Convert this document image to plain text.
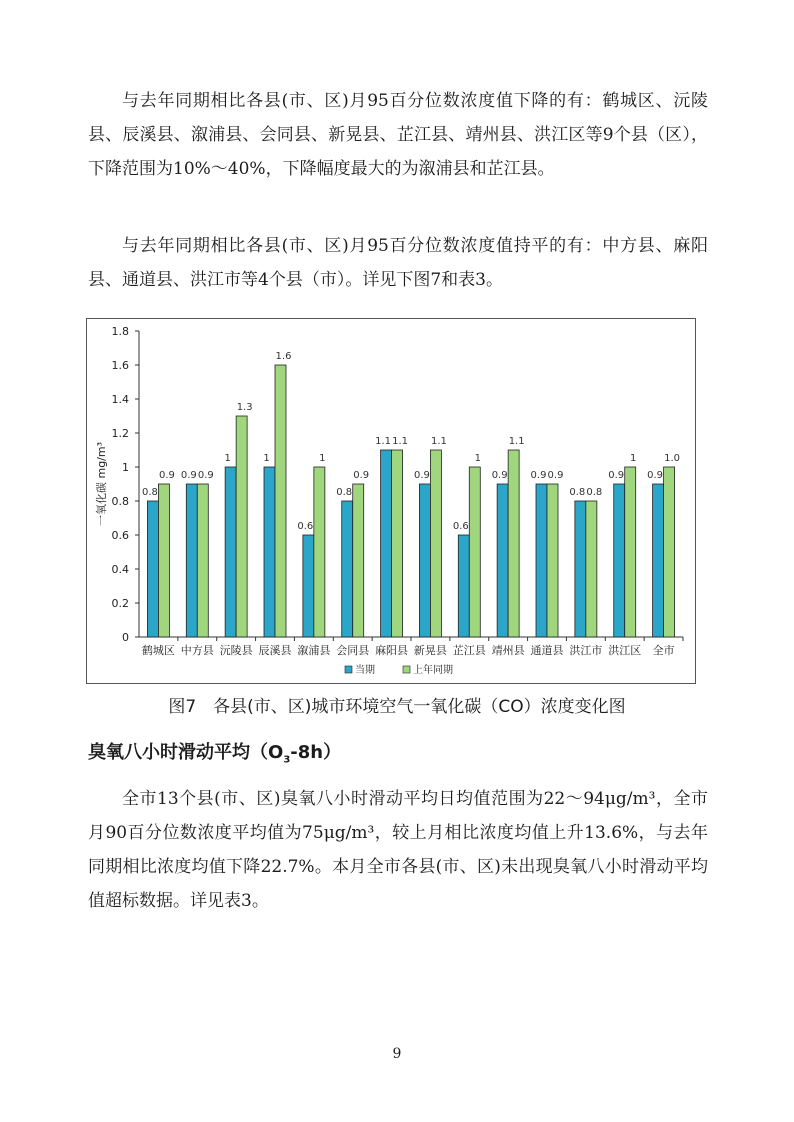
与去年同期相比各县(市、区)月95百分位数浓度值下降的有：鹤城区、沅陵县、辰溪县、溆浦县、会同县、新晃县、芷江县、靖州县、洪江区等9个县（区），下降范围为10%～40%，下降幅度最大的为溆浦县和芷江县。

与去年同期相比各县(市、区)月95百分位数浓度值持平的有：中方县、麻阳县、通道县、洪江市等4个县（市）。详见下图7和表3。

0
0.2
0.4
0.6
0.8
1
1.2
1.4
1.6
1.8
一氧化碳 mg/m³	0.8
0.9
鹤城区
0.9 0.9
中方县
1
1.3
沅陵县
1
1.6
辰溪县
0.6
1
溆浦县
0.8
0.9
会同县
1.1 1.1
麻阳县
0.9
1.1
新晃县
0.6
1
芷江县
0.9
1.1
靖州县
0.9 0.9
通道县
0.8 0.8
洪江市
0.9
1
洪江区
0.9
1.0
全市
当期	上年同期
图7　各县(市、区)城市环境空气一氧化碳（CO）浓度变化图
臭氧八小时滑动平均$(O_3-8h)$

全市13个县(市、区)臭氧八小时滑动平均日均值范围为22～94μg/m³，全市月90百分位数浓度平均值为75μg/m³，较上月相比浓度均值上升13.6%，与去年同期相比浓度均值下降22.7%。本月全市各县(市、区)未出现臭氧八小时滑动平均值超标数据。详见表3。

9
